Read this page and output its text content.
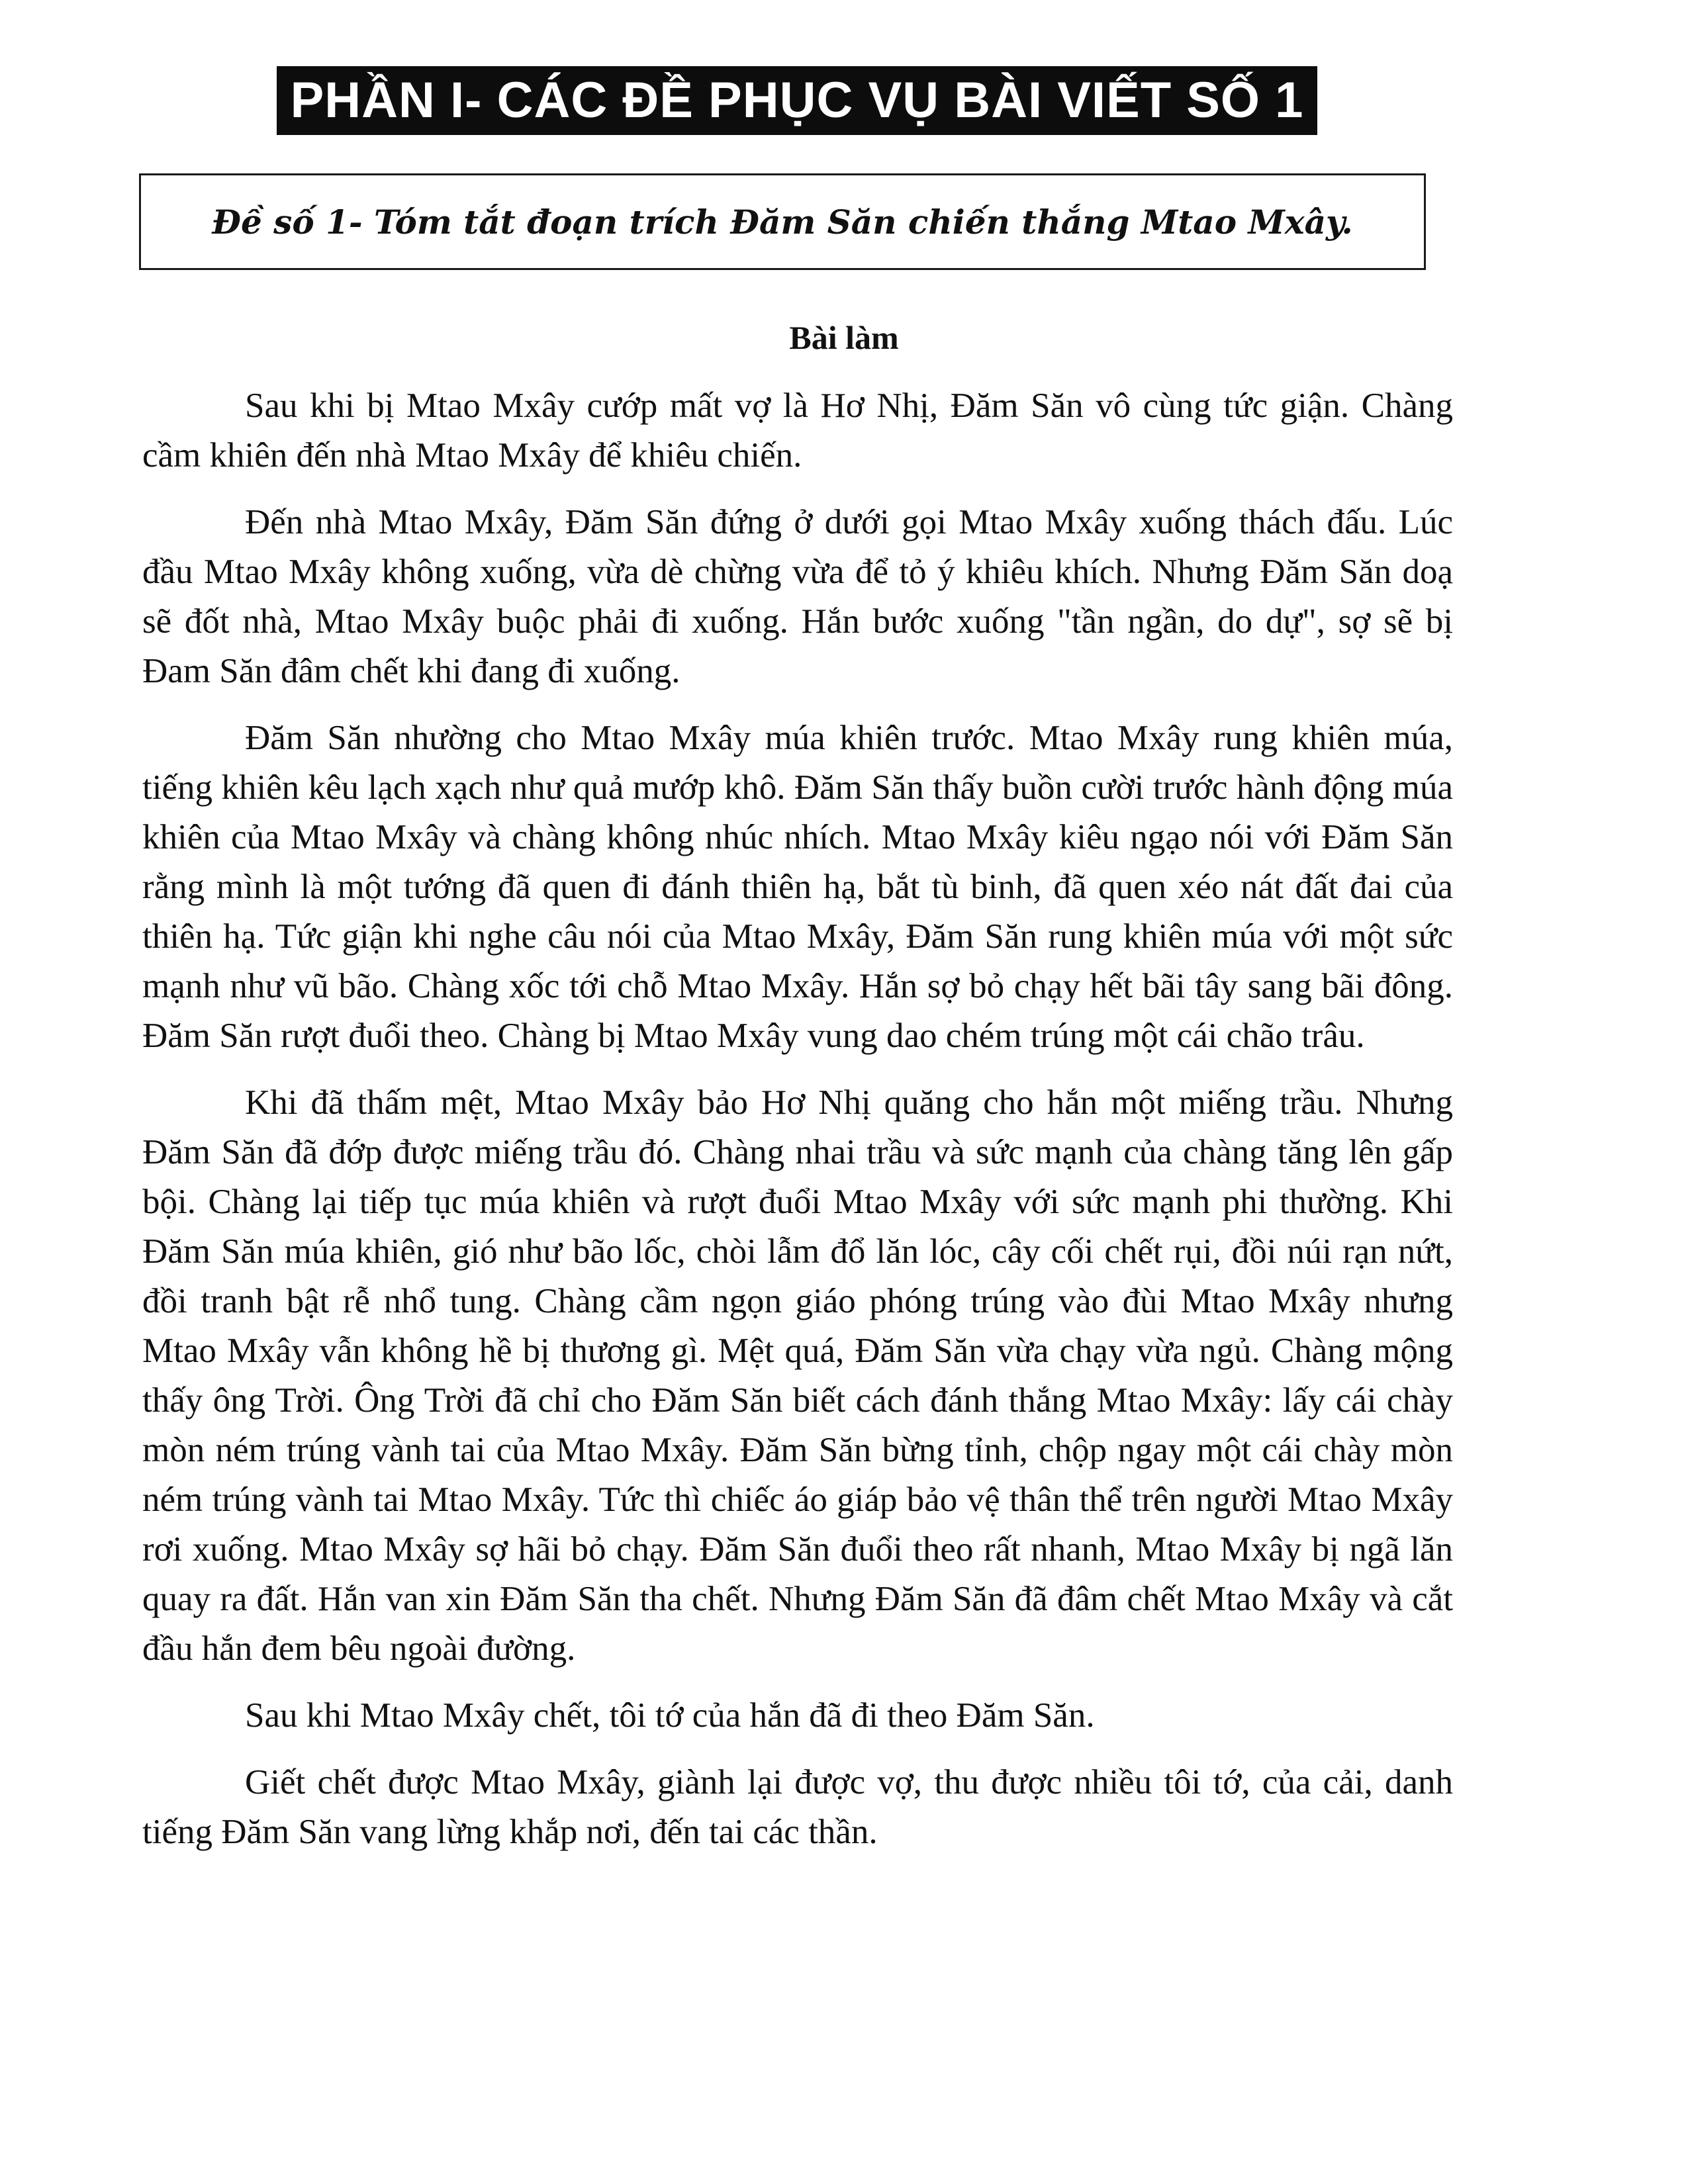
PHẦN I- CÁC ĐỀ PHỤC VỤ BÀI VIẾT SỐ 1
Đề số 1- Tóm tắt đoạn trích Đăm Săn chiến thắng Mtao Mxây.
Bài làm

Sau khi bị Mtao Mxây cướp mất vợ là Hơ Nhị, Đăm Săn vô cùng tức giận. Chàng cầm khiên đến nhà Mtao Mxây để khiêu chiến.

Đến nhà Mtao Mxây, Đăm Săn đứng ở dưới gọi Mtao Mxây xuống thách đấu. Lúc đầu Mtao Mxây không xuống, vừa dè chừng vừa để tỏ ý khiêu khích. Nhưng Đăm Săn doạ sẽ đốt nhà, Mtao Mxây buộc phải đi xuống. Hắn bước xuống "tần ngần, do dự", sợ sẽ bị Đam Săn đâm chết khi đang đi xuống.

Đăm Săn nhường cho Mtao Mxây múa khiên trước. Mtao Mxây rung khiên múa, tiếng khiên kêu lạch xạch như quả mướp khô. Đăm Săn thấy buồn cười trước hành động múa khiên của Mtao Mxây và chàng không nhúc nhích. Mtao Mxây kiêu ngạo nói với Đăm Săn rằng mình là một tướng đã quen đi đánh thiên hạ, bắt tù binh, đã quen xéo nát đất đai của thiên hạ. Tức giận khi nghe câu nói của Mtao Mxây, Đăm Săn rung khiên múa với một sức mạnh như vũ bão. Chàng xốc tới chỗ Mtao Mxây. Hắn sợ bỏ chạy hết bãi tây sang bãi đông. Đăm Săn rượt đuổi theo. Chàng bị Mtao Mxây vung dao chém trúng một cái chão trâu.

Khi đã thấm mệt, Mtao Mxây bảo Hơ Nhị quăng cho hắn một miếng trầu. Nhưng Đăm Săn đã đớp được miếng trầu đó. Chàng nhai trầu và sức mạnh của chàng tăng lên gấp bội. Chàng lại tiếp tục múa khiên và rượt đuổi Mtao Mxây với sức mạnh phi thường. Khi Đăm Săn múa khiên, gió như bão lốc, chòi lẫm đổ lăn lóc, cây cối chết rụi, đồi núi rạn nứt, đồi tranh bật rễ nhổ tung. Chàng cầm ngọn giáo phóng trúng vào đùi Mtao Mxây nhưng Mtao Mxây vẫn không hề bị thương gì. Mệt quá, Đăm Săn vừa chạy vừa ngủ. Chàng mộng thấy ông Trời. Ông Trời đã chỉ cho Đăm Săn biết cách đánh thắng Mtao Mxây: lấy cái chày mòn ném trúng vành tai của Mtao Mxây. Đăm Săn bừng tỉnh, chộp ngay một cái chày mòn ném trúng vành tai Mtao Mxây. Tức thì chiếc áo giáp bảo vệ thân thể trên người Mtao Mxây rơi xuống. Mtao Mxây sợ hãi bỏ chạy. Đăm Săn đuổi theo rất nhanh, Mtao Mxây bị ngã lăn quay ra đất. Hắn van xin Đăm Săn tha chết. Nhưng Đăm Săn đã đâm chết Mtao Mxây và cắt đầu hắn đem bêu ngoài đường.

Sau khi Mtao Mxây chết, tôi tớ của hắn đã đi theo Đăm Săn.

Giết chết được Mtao Mxây, giành lại được vợ, thu được nhiều tôi tớ, của cải, danh tiếng Đăm Săn vang lừng khắp nơi, đến tai các thần.
